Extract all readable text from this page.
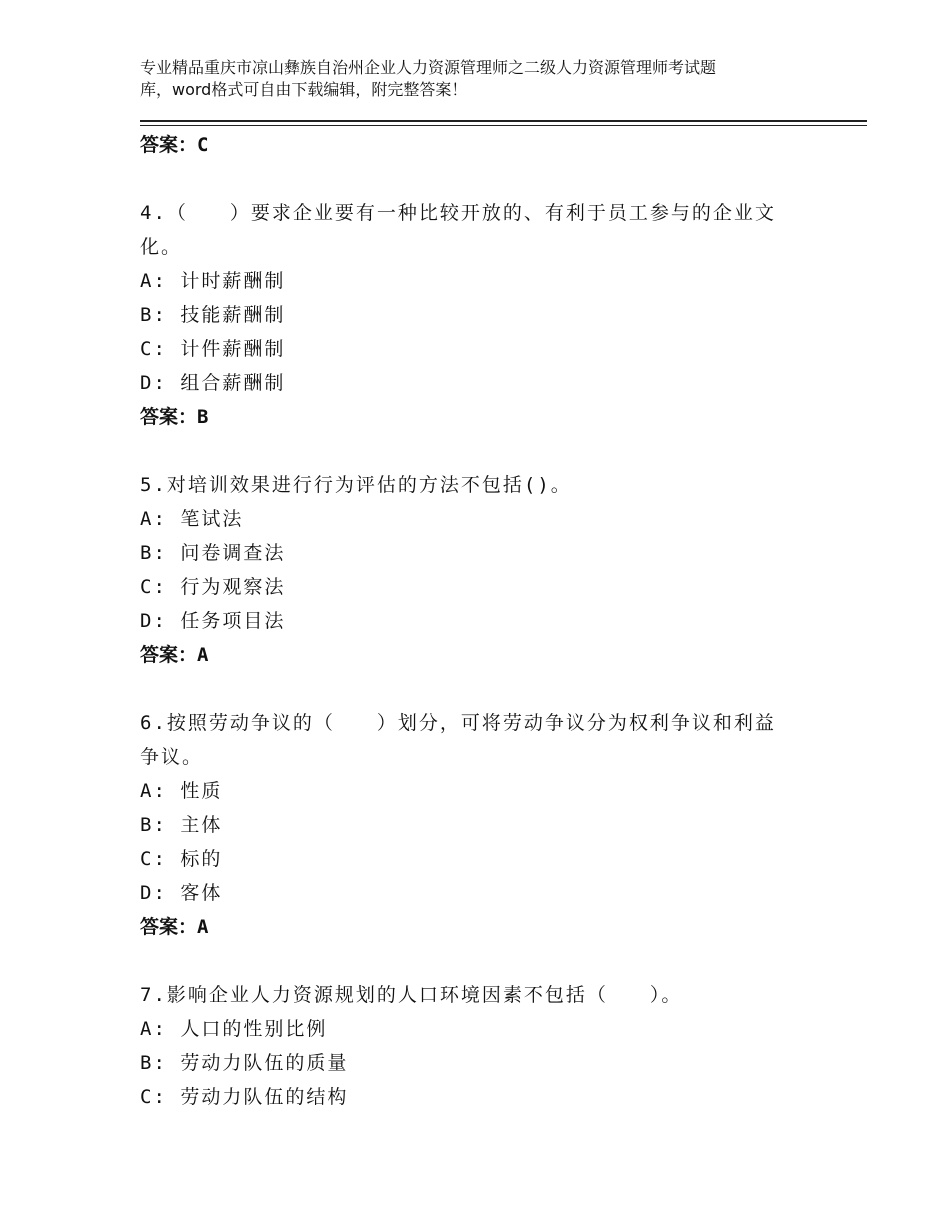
专业精品重庆市凉山彝族自治州企业人力资源管理师之二级人力资源管理师考试题
库，word格式可自由下载编辑，附完整答案！
答案：C
4.（　　）要求企业要有一种比较开放的、有利于员工参与的企业文
化。
A: 计时薪酬制
B: 技能薪酬制
C: 计件薪酬制
D: 组合薪酬制
答案：B
5.对培训效果进行行为评估的方法不包括()。
A: 笔试法
B: 问卷调查法
C: 行为观察法
D: 任务项目法
答案：A
6.按照劳动争议的（　　）划分，可将劳动争议分为权利争议和利益
争议。
A: 性质
B: 主体
C: 标的
D: 客体
答案：A
7.影响企业人力资源规划的人口环境因素不包括（　　）。
A: 人口的性别比例
B: 劳动力队伍的质量
C: 劳动力队伍的结构
